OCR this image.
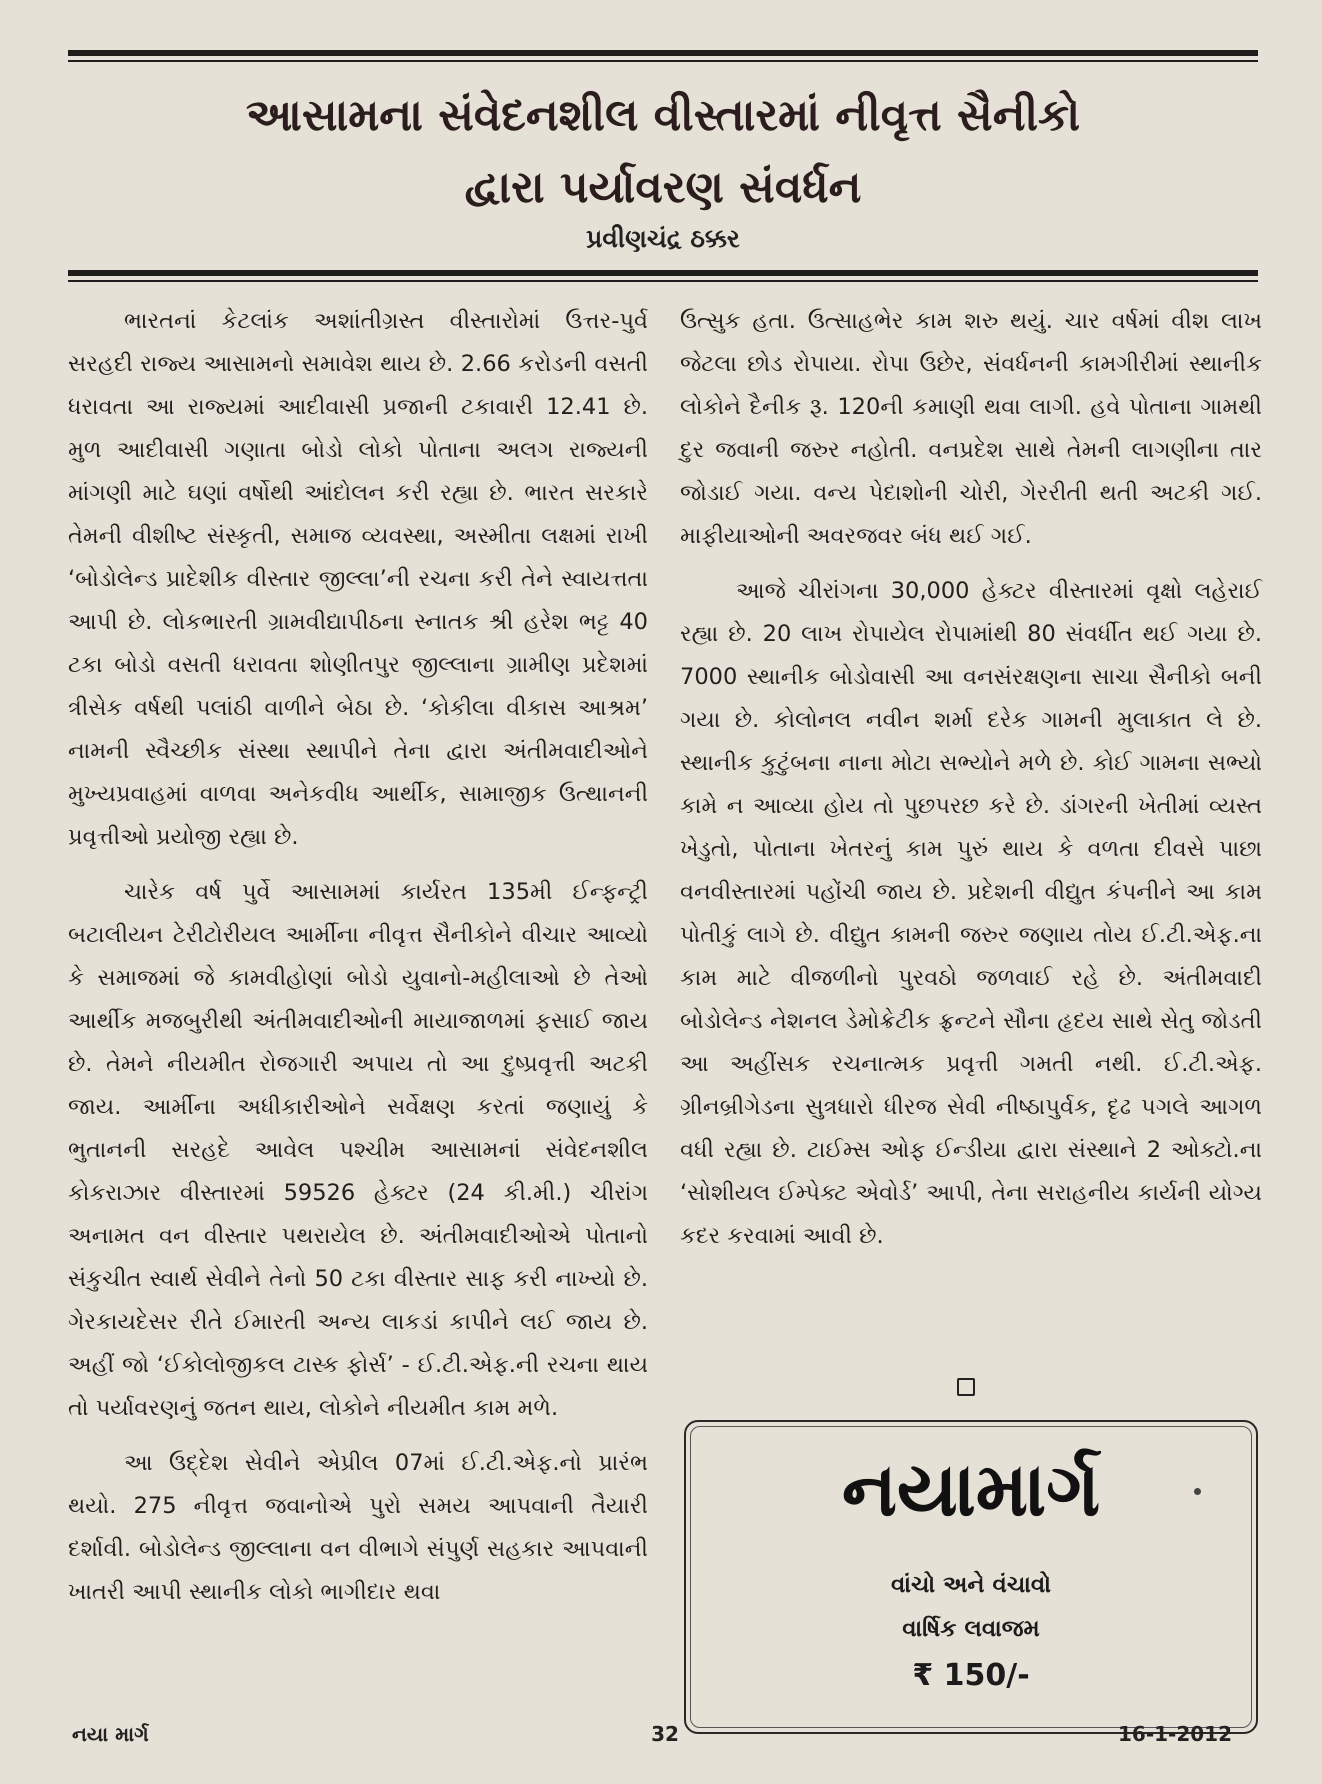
આસામના સંવેદનશીલ વીસ્તારમાં નીવૃત્ત સૈનીકો
દ્વારા પર્યાવરણ સંવર્ધન

પ્રવીણચંદ્ર ઠક્કર

ભારતનાં કેટલાંક અશાંતીગ્રસ્ત વીસ્તારોમાં ઉત્તર-પુર્વ સરહદી રાજ્ય આસામનો સમાવેશ થાય છે. 2.66 કરોડની વસતી ધરાવતા આ રાજ્યમાં આદીવાસી પ્રજાની ટકાવારી 12.41 છે. મુળ આદીવાસી ગણાતા બોડો લોકો પોતાના અલગ રાજ્યની માંગણી માટે ઘણાં વર્ષોથી આંદોલન કરી રહ્યા છે. ભારત સરકારે તેમની વીશીષ્ટ સંસ્કૃતી, સમાજ વ્યવસ્થા, અસ્મીતા લક્ષમાં રાખી ‘બોડોલેન્ડ પ્રાદેશીક વીસ્તાર જીલ્લા’ની રચના કરી તેને સ્વાયત્તતા આપી છે. લોકભારતી ગ્રામવીદ્યાપીઠના સ્નાતક શ્રી હરેશ ભટ્ટ 40 ટકા બોડો વસતી ધરાવતા શોણીતપુર જીલ્લાના ગ્રામીણ પ્રદેશમાં ત્રીસેક વર્ષથી પલાંઠી વાળીને બેઠા છે. ‘કોકીલા વીકાસ આશ્રમ’ નામની સ્વૈચ્છીક સંસ્થા સ્થાપીને તેના દ્વારા અંતીમવાદીઓને મુખ્યપ્રવાહમાં વાળવા અનેકવીધ આર્થીક, સામાજીક ઉત્થાનની પ્રવૃત્તીઓ પ્રયોજી રહ્યા છે.

ચારેક વર્ષ પુર્વે આસામમાં કાર્યરત 135મી ઈન્ફન્ટ્રી બટાલીયન ટેરીટોરીયલ આર્મીના નીવૃત્ત સૈનીકોને વીચાર આવ્યો કે સમાજમાં જે કામવીહોણાં બોડો યુવાનો-મહીલાઓ છે તેઓ આર્થીક મજબુરીથી અંતીમવાદીઓની માયાજાળમાં ફસાઈ જાય છે. તેમને નીયમીત રોજગારી અપાય તો આ દુષ્પ્રવૃત્તી અટકી જાય. આર્મીના અધીકારીઓને સર્વેક્ષણ કરતાં જણાયું કે ભુતાનની સરહદે આવેલ પશ્ચીમ આસામનાં સંવેદનશીલ કોકરાઝાર વીસ્તારમાં 59526 હેક્ટર (24 કી.મી.) ચીરાંગ અનામત વન વીસ્તાર પથરાયેલ છે. અંતીમવાદીઓએ પોતાનો સંકુચીત સ્વાર્થ સેવીને તેનો 50 ટકા વીસ્તાર સાફ કરી નાખ્યો છે. ગેરકાયદેસર રીતે ઈમારતી અન્ય લાકડાં કાપીને લઈ જાય છે. અહીં જો ‘ઈકોલોજીકલ ટાસ્ક ફોર્સ’ - ઈ.ટી.એફ.ની રચના થાય તો પર્યાવરણનું જતન થાય, લોકોને નીયમીત કામ મળે.

આ ઉદ્દેશ સેવીને એપ્રીલ 07માં ઈ.ટી.એફ.નો પ્રારંભ થયો. 275 નીવૃત્ત જવાનોએ પુરો સમય આપવાની તૈયારી દર્શાવી. બોડોલેન્ડ જીલ્લાના વન વીભાગે સંપુર્ણ સહકાર આપવાની ખાતરી આપી સ્થાનીક લોકો ભાગીદાર થવા

ઉત્સુક હતા. ઉત્સાહભેર કામ શરુ થયું. ચાર વર્ષમાં વીશ લાખ જેટલા છોડ રોપાયા. રોપા ઉછેર, સંવર્ધનની કામગીરીમાં સ્થાનીક લોકોને દૈનીક રૂ. 120ની કમાણી થવા લાગી. હવે પોતાના ગામથી દુર જવાની જરુર નહોતી. વનપ્રદેશ સાથે તેમની લાગણીના તાર જોડાઈ ગયા. વન્ય પેદાશોની ચોરી, ગેરરીતી થતી અટકી ગઈ. માફીયાઓની અવરજવર બંધ થઈ ગઈ.

આજે ચીરાંગના 30,000 હેક્ટર વીસ્તારમાં વૃક્ષો લહેરાઈ રહ્યા છે. 20 લાખ રોપાયેલ રોપામાંથી 80 સંવર્ધીત થઈ ગયા છે. 7000 સ્થાનીક બોડોવાસી આ વનસંરક્ષણના સાચા સૈનીકો બની ગયા છે. કોલોનલ નવીન શર્મા દરેક ગામની મુલાકાત લે છે. સ્થાનીક કુટુંબના નાના મોટા સભ્યોને મળે છે. કોઈ ગામના સભ્યો કામે ન આવ્યા હોય તો પુછપરછ કરે છે. ડાંગરની ખેતીમાં વ્યસ્ત ખેડુતો, પોતાના ખેતરનું કામ પુરું થાય કે વળતા દીવસે પાછા વનવીસ્તારમાં પહોંચી જાય છે. પ્રદેશની વીદ્યુત કંપનીને આ કામ પોતીકું લાગે છે. વીદ્યુત કામની જરુર જણાય તોય ઈ.ટી.એફ.ના કામ માટે વીજળીનો પુરવઠો જળવાઈ રહે છે. અંતીમવાદી બોડોલેન્ડ નેશનલ ડેમોક્રેટીક ફ્રન્ટને સૌના હૃદય સાથે સેતુ જોડતી આ અહીંસક રચનાત્મક પ્રવૃત્તી ગમતી નથી. ઈ.ટી.એફ. ગ્રીનબ્રીગેડના સુત્રધારો ધીરજ સેવી નીષ્ઠાપુર્વક, દૃઢ પગલે આગળ વધી રહ્યા છે. ટાઈમ્સ ઓફ ઈન્ડીયા દ્વારા સંસ્થાને 2 ઓક્ટો.ના ‘સોશીયલ ઈમ્પેક્ટ એવોર્ડ’ આપી, તેના સરાહનીય કાર્યની યોગ્ય કદર કરવામાં આવી છે.

નયામાર્ગ

વાંચો અને વંચાવો
વાર્ષિક લવાજમ
₹ 150/-
નયા માર્ગ	32	16-1-2012
